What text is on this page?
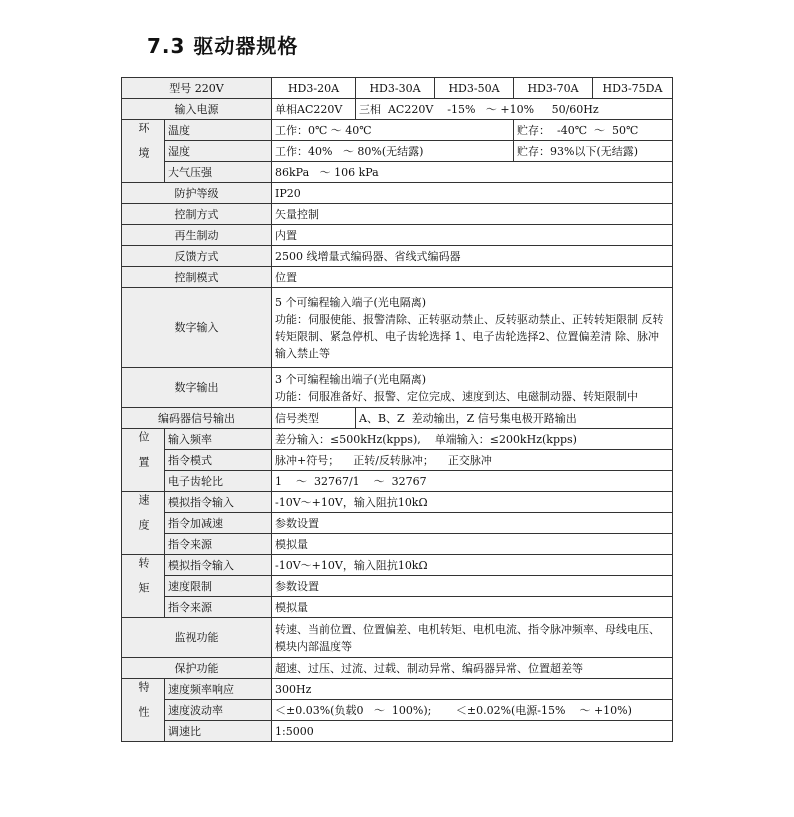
7.3 驱动器规格
型号 220V		HD3-20A	HD3-30A	HD3-50A	HD3-70A	HD3-75DA
输入电源		单相AC220V	三相  AC220V    -15%   ～ +10%     50/60Hz			
环境	温度	工作：0℃ ～ 40℃			贮存：  -40℃  ～  50℃	
	湿度	工作：40%   ～ 80%(无结露)			贮存：93%以下(无结露)	
	大气压强	86kPa   ～ 106 kPa				
防护等级		IP20				
控制方式		矢量控制				
再生制动		内置				
反馈方式		2500 线增量式编码器、省线式编码器				
控制模式		位置				
数字输入		5 个可编程输入端子(光电隔离)
功能：伺服使能、报警清除、正转驱动禁止、反转驱动禁止、正转转矩限制 反转转矩限制、紧急停机、电子齿轮选择 1、电子齿轮选择2、位置偏差清 除、脉冲输入禁止等				

数字输出		3 个可编程输出端子(光电隔离)
功能：伺服准备好、报警、定位完成、速度到达、电磁制动器、转矩限制中				

编码器信号输出		信号类型	A、B、Z  差动输出，Z 信号集电极开路输出			
位置	输入频率	差分输入：≤500kHz(kpps),    单端输入：≤200kHz(kpps)				
	指令模式	脉冲+符号；    正转/反转脉冲；    正交脉冲				
	电子齿轮比	1    ～  32767/1    ～  32767				
速度	模拟指令输入	-10V～+10V，输入阻抗10kΩ				
	指令加减速	参数设置				
	指令来源	模拟量				
转矩	模拟指令输入	-10V～+10V，输入阻抗10kΩ				
	速度限制	参数设置				
	指令来源	模拟量				
监视功能		转速、当前位置、位置偏差、电机转矩、电机电流、指令脉冲频率、母线电压、模块内部温度等				
保护功能		超速、过压、过流、过载、制动异常、编码器异常、位置超差等				
特性	速度频率响应	300Hz				
	速度波动率	＜±0.03%(负载0   ～  100%);       ＜±0.02%(电源-15%    ～ +10%)				
	调速比	1:5000				
